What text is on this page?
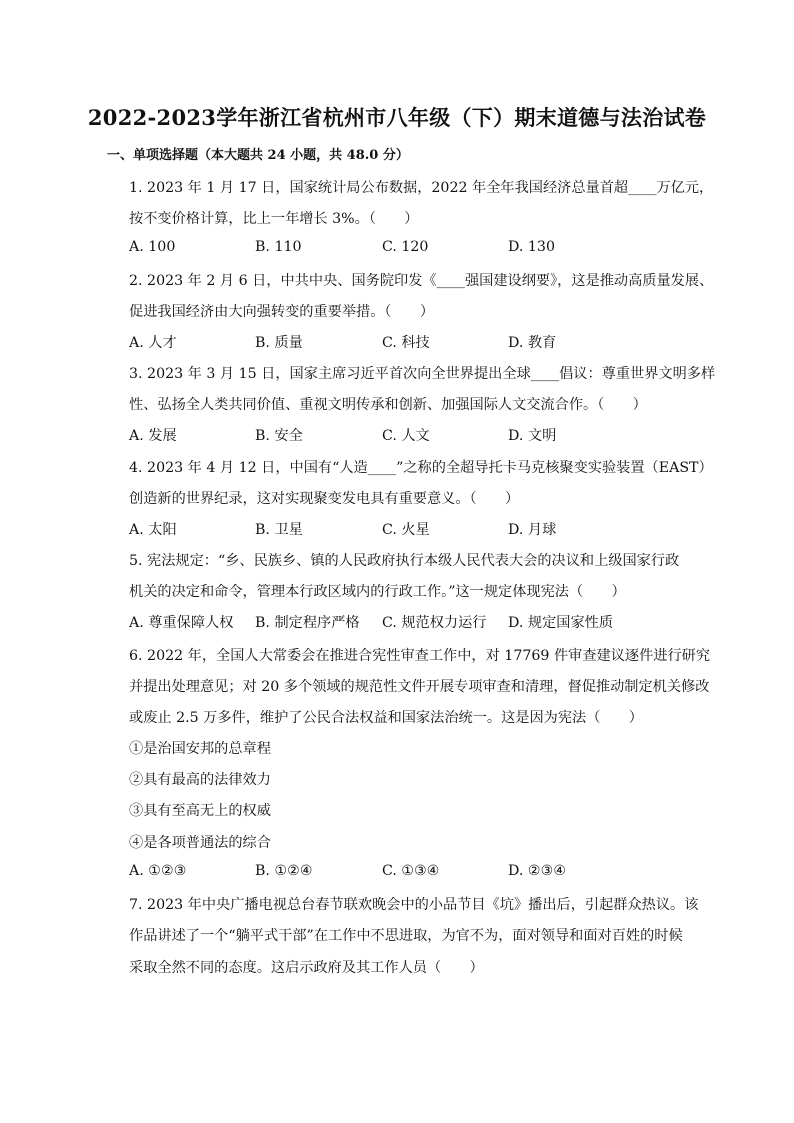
2022-2023学年浙江省杭州市八年级（下）期末道德与法治试卷
一、单项选择题（本大题共 24 小题，共 48.0 分）
1. 2023 年 1 月 17 日，国家统计局公布数据，2022 年全年我国经济总量首超____万亿元，
按不变价格计算，比上一年增长 3%。（　　）
A. 100	B. 110	C. 120	D. 130
2. 2023 年 2 月 6 日，中共中央、国务院印发《____强国建设纲要》，这是推动高质量发展、
促进我国经济由大向强转变的重要举措。（　　）
A. 人才	B. 质量	C. 科技	D. 教育
3. 2023 年 3 月 15 日，国家主席习近平首次向全世界提出全球____倡议：尊重世界文明多样
性、弘扬全人类共同价值、重视文明传承和创新、加强国际人文交流合作。（　　）
A. 发展	B. 安全	C. 人文	D. 文明
4. 2023 年 4 月 12 日，中国有“人造____”之称的全超导托卡马克核聚变实验装置（EAST）
创造新的世界纪录，这对实现聚变发电具有重要意义。（　　）
A. 太阳	B. 卫星	C. 火星	D. 月球
5. 宪法规定：“乡、民族乡、镇的人民政府执行本级人民代表大会的决议和上级国家行政
机关的决定和命令，管理本行政区域内的行政工作。”这一规定体现宪法（　　）
A. 尊重保障人权 B. 制定程序严格 C. 规范权力运行 D. 规定国家性质
6. 2022 年，全国人大常委会在推进合宪性审查工作中，对 17769 件审查建议逐件进行研究
并提出处理意见；对 20 多个领域的规范性文件开展专项审查和清理，督促推动制定机关修改
或废止 2.5 万多件，维护了公民合法权益和国家法治统一。这是因为宪法（　　）
①是治国安邦的总章程
②具有最高的法律效力
③具有至高无上的权威
④是各项普通法的综合
A. ①②③	B. ①②④	C. ①③④	D. ②③④
7. 2023 年中央广播电视总台春节联欢晚会中的小品节目《坑》播出后，引起群众热议。该
作品讲述了一个“躺平式干部”在工作中不思进取，为官不为，面对领导和面对百姓的时候
采取全然不同的态度。这启示政府及其工作人员（　　）
